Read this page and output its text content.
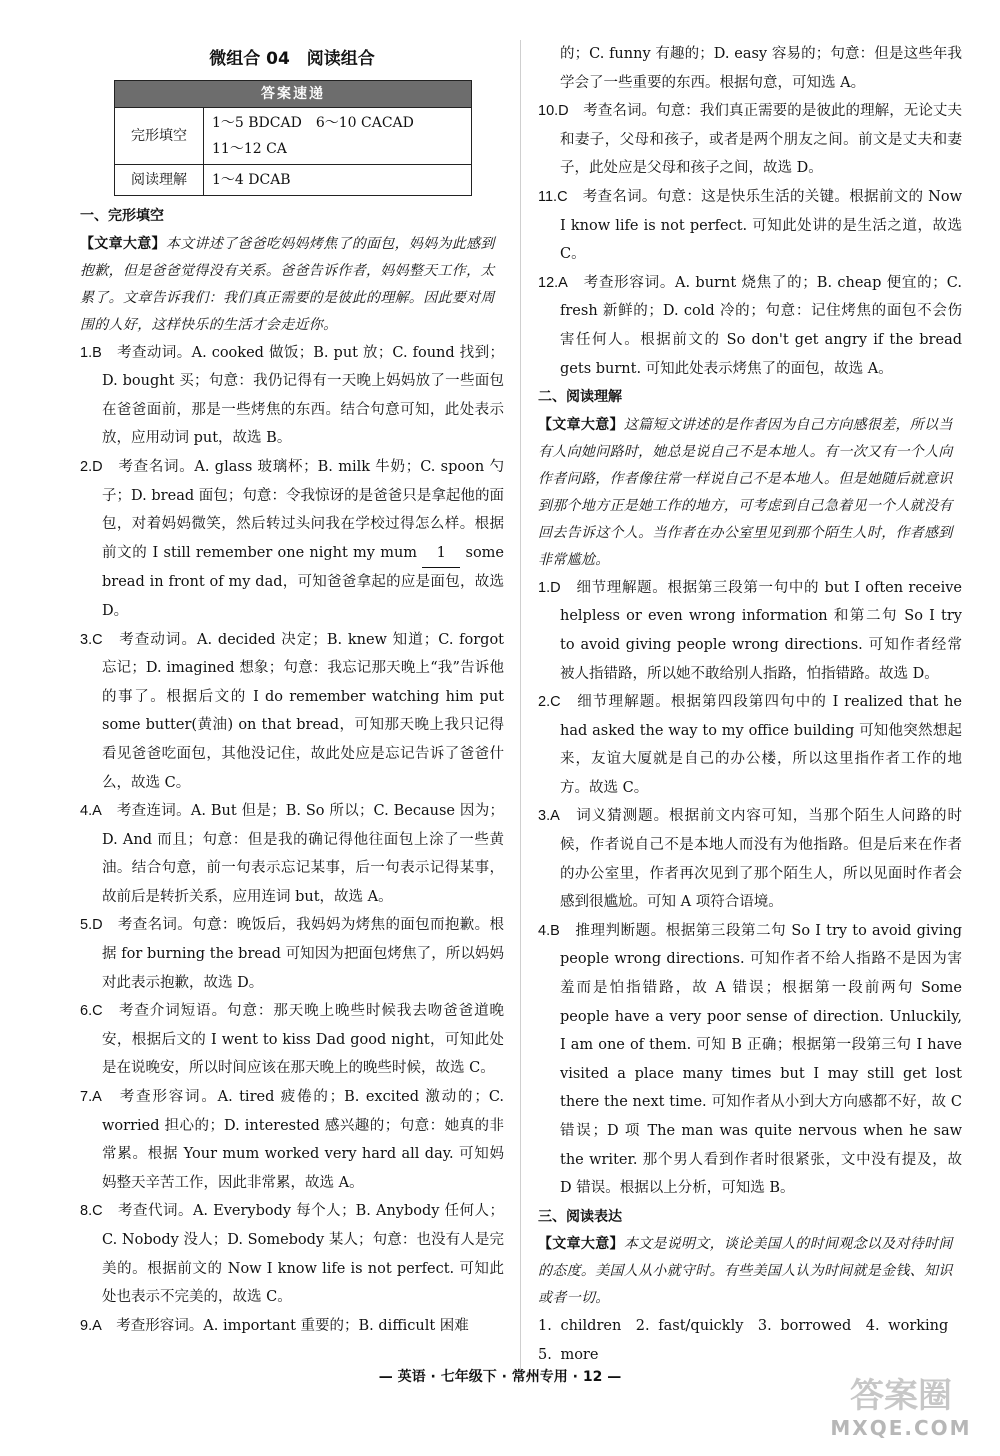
微组合 04　阅读组合
答案速递	
完形填空	1～5 BDCAD　6～10 CACAD
11～12 CA

阅读理解	1～4 DCAB

一、完形填空

【文章大意】本文讲述了爸爸吃妈妈烤焦了的面包，妈妈为此感到抱歉，但是爸爸觉得没有关系。爸爸告诉作者，妈妈整天工作，太累了。文章告诉我们：我们真正需要的是彼此的理解。因此要对周围的人好，这样快乐的生活才会走近你。

1.B　 考查动词。A. cooked 做饭；B. put 放；C. found 找到；D. bought 买；句意：我仍记得有一天晚上妈妈放了一些面包在爸爸面前，那是一些烤焦的东西。结合句意可知，此处表示放，应用动词 put，故选 B。

2.D　 考查名词。A. glass 玻璃杯；B. milk 牛奶；C. spoon 勺子；D. bread 面包；句意：令我惊讶的是爸爸只是拿起他的面包，对着妈妈微笑，然后转过头问我在学校过得怎么样。根据前文的 I still remember one night my mum 1 some bread in front of my dad，可知爸爸拿起的应是面包，故选 D。

3.C　 考查动词。A. decided 决定；B. knew 知道；C. forgot 忘记；D. imagined 想象；句意：我忘记那天晚上“我”告诉他的事了。根据后文的 I do remember watching him put some butter(黄油) on that bread，可知那天晚上我只记得看见爸爸吃面包，其他没记住，故此处应是忘记告诉了爸爸什么，故选 C。

4.A　 考查连词。A. But 但是；B. So 所以；C. Because 因为；D. And 而且；句意：但是我的确记得他往面包上涂了一些黄油。结合句意，前一句表示忘记某事，后一句表示记得某事，故前后是转折关系，应用连词 but，故选 A。

5.D　 考查名词。句意：晚饭后，我妈妈为烤焦的面包而抱歉。根据 for burning the bread 可知因为把面包烤焦了，所以妈妈对此表示抱歉，故选 D。

6.C　 考查介词短语。句意：那天晚上晚些时候我去吻爸爸道晚安，根据后文的 I went to kiss Dad good night，可知此处是在说晚安，所以时间应该在那天晚上的晚些时候，故选 C。

7.A　 考查形容词。A. tired 疲倦的；B. excited 激动的；C. worried 担心的；D. interested 感兴趣的；句意：她真的非常累。根据 Your mum worked very hard all day. 可知妈妈整天辛苦工作，因此非常累，故选 A。

8.C　 考查代词。A. Everybody 每个人；B. Anybody 任何人；C. Nobody 没人；D. Somebody 某人；句意：也没有人是完美的。根据前文的 Now I know life is not perfect. 可知此处也表示不完美的，故选 C。

9.A　 考查形容词。A. important 重要的；B. difficult 困难

的；C. funny 有趣的；D. easy 容易的；句意：但是这些年我学会了一些重要的东西。根据句意，可知选 A。

10.D　 考查名词。句意：我们真正需要的是彼此的理解，无论丈夫和妻子，父母和孩子，或者是两个朋友之间。前文是丈夫和妻子，此处应是父母和孩子之间，故选 D。

11.C　 考查名词。句意：这是快乐生活的关键。根据前文的 Now I know life is not perfect. 可知此处讲的是生活之道，故选 C。

12.A　 考查形容词。A. burnt 烧焦了的；B. cheap 便宜的；C. fresh 新鲜的；D. cold 冷的；句意：记住烤焦的面包不会伤害任何人。根据前文的 So don't get angry if the bread gets burnt. 可知此处表示烤焦了的面包，故选 A。

二、阅读理解

【文章大意】这篇短文讲述的是作者因为自己方向感很差，所以当有人向她问路时，她总是说自己不是本地人。有一次又有一个人向作者问路，作者像往常一样说自己不是本地人。但是她随后就意识到那个地方正是她工作的地方，可考虑到自己急着见一个人就没有回去告诉这个人。当作者在办公室里见到那个陌生人时，作者感到非常尴尬。

1.D　 细节理解题。根据第三段第一句中的 but I often receive helpless or even wrong information 和第二句 So I try to avoid giving people wrong directions. 可知作者经常被人指错路，所以她不敢给别人指路，怕指错路。故选 D。

2.C　 细节理解题。根据第四段第四句中的 I realized that he had asked the way to my office building 可知他突然想起来，友谊大厦就是自己的办公楼，所以这里指作者工作的地方。故选 C。

3.A　 词义猜测题。根据前文内容可知，当那个陌生人问路的时候，作者说自己不是本地人而没有为他指路。但是后来在作者的办公室里，作者再次见到了那个陌生人，所以见面时作者会感到很尴尬。可知 A 项符合语境。

4.B　 推理判断题。根据第三段第二句 So I try to avoid giving people wrong directions. 可知作者不给人指路不是因为害羞而是怕指错路，故 A 错误；根据第一段前两句 Some people have a very poor sense of direction. Unluckily, I am one of them. 可知 B 正确；根据第一段第三句 I have visited a place many times but I may still get lost there the next time. 可知作者从小到大方向感都不好，故 C 错误；D 项 The man was quite nervous when he saw the writer. 那个男人看到作者时很紧张，文中没有提及，故 D 错误。根据以上分析，可知选 B。

三、阅读表达

【文章大意】本文是说明文，谈论美国人的时间观念以及对待时间的态度。美国人从小就守时。有些美国人认为时间就是金钱、知识或者一切。

1. children　2. fast/quickly　3. borrowed　4. working

5. more

— 英语 · 七年级下 · 常州专用 · 12 —	答案圈
MXQE.COM
